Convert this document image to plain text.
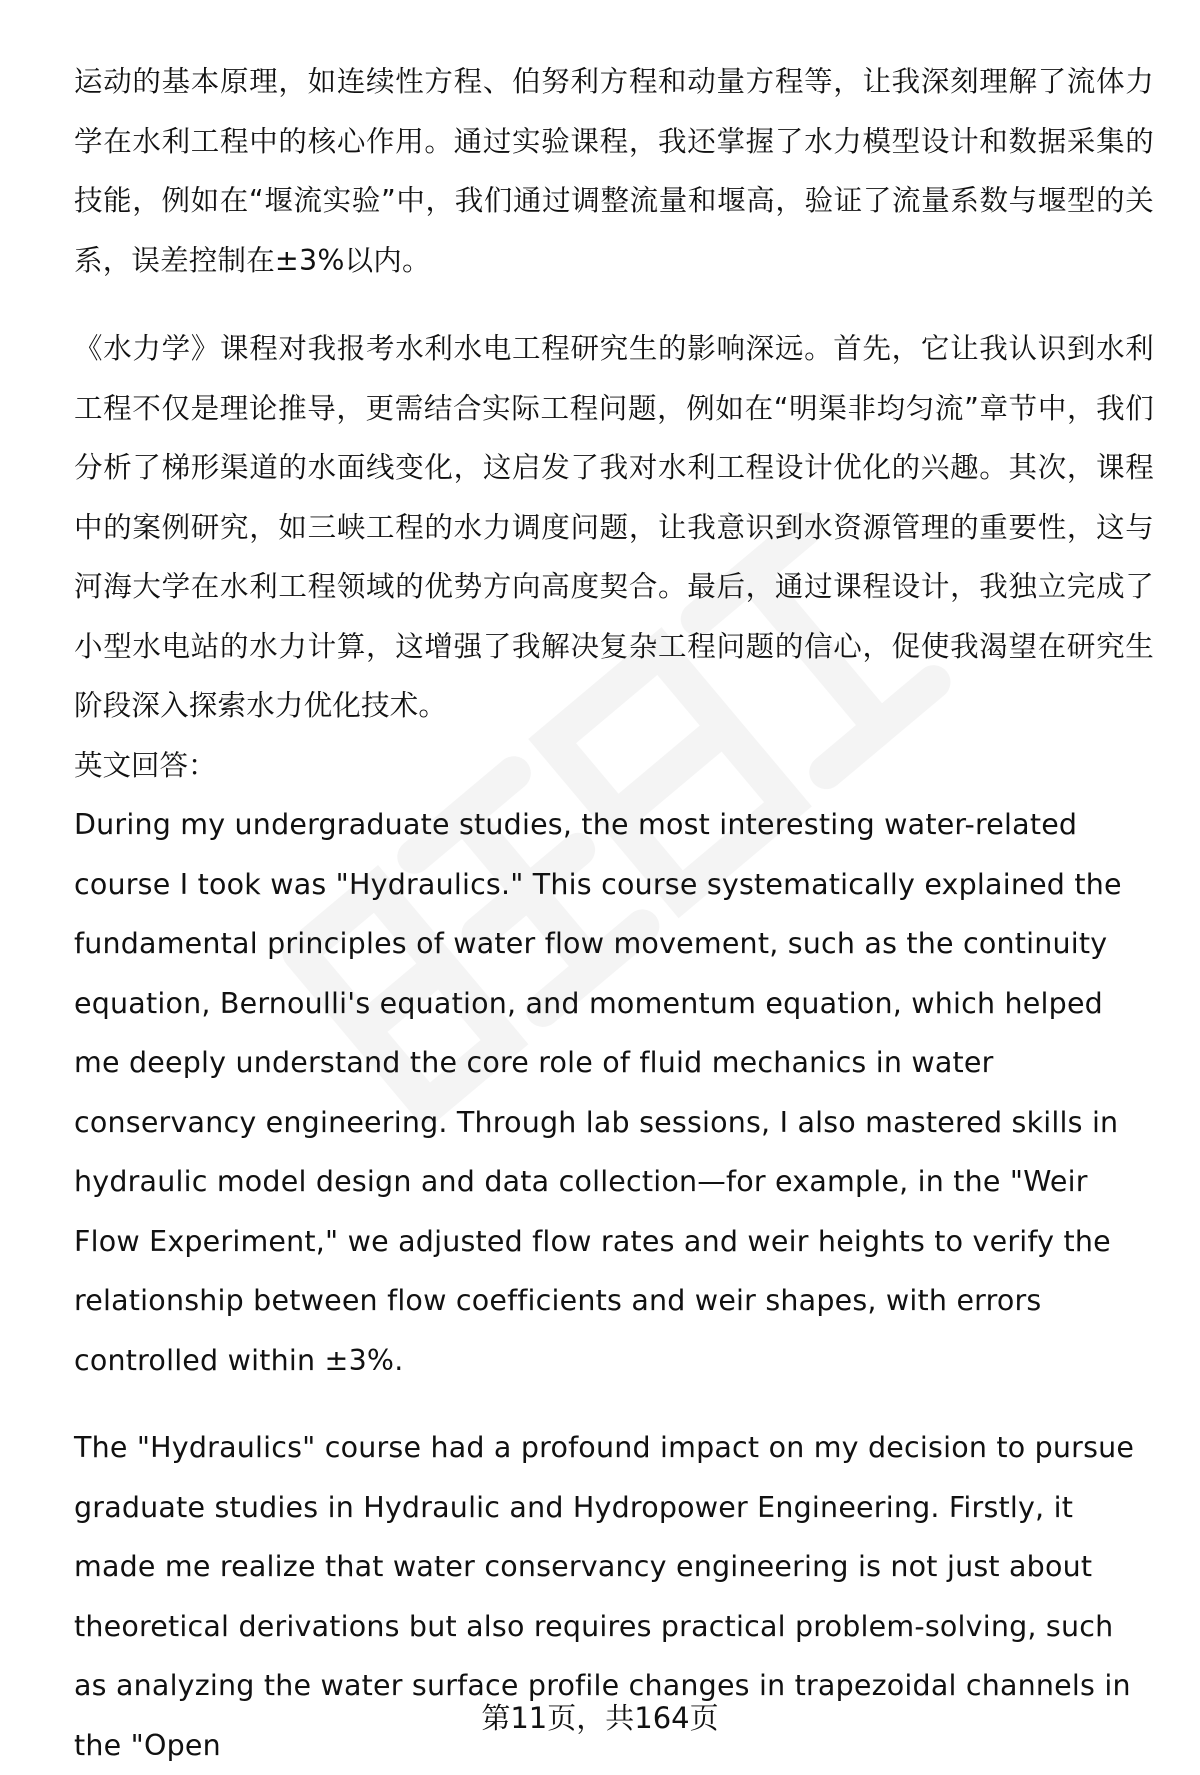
运动的基本原理，如连续性方程、伯努利方程和动量方程等，让我深刻理解了流体力学在水利工程中的核心作用。通过实验课程，我还掌握了水力模型设计和数据采集的技能，例如在“堰流实验”中，我们通过调整流量和堰高，验证了流量系数与堰型的关系，误差控制在±3%以内。

《水力学》课程对我报考水利水电工程研究生的影响深远。首先，它让我认识到水利工程不仅是理论推导，更需结合实际工程问题，例如在“明渠非均匀流”章节中，我们分析了梯形渠道的水面线变化，这启发了我对水利工程设计优化的兴趣。其次，课程中的案例研究，如三峡工程的水力调度问题，让我意识到水资源管理的重要性，这与河海大学在水利工程领域的优势方向高度契合。最后，通过课程设计，我独立完成了小型水电站的水力计算，这增强了我解决复杂工程问题的信心，促使我渴望在研究生阶段深入探索水力优化技术。

英文回答：

During my undergraduate studies, the most interesting water-related course I took was "Hydraulics." This course systematically explained the fundamental principles of water flow movement, such as the continuity equation, Bernoulli's equation, and momentum equation, which helped me deeply understand the core role of fluid mechanics in water conservancy engineering. Through lab sessions, I also mastered skills in hydraulic model design and data collection—for example, in the "Weir Flow Experiment," we adjusted flow rates and weir heights to verify the relationship between flow coefficients and weir shapes, with errors controlled within ±3%.

The "Hydraulics" course had a profound impact on my decision to pursue graduate studies in Hydraulic and Hydropower Engineering. Firstly, it made me realize that water conservancy engineering is not just about theoretical derivations but also requires practical problem-solving, such as analyzing the water surface profile changes in trapezoidal channels in the "Open

第11页，共164页
